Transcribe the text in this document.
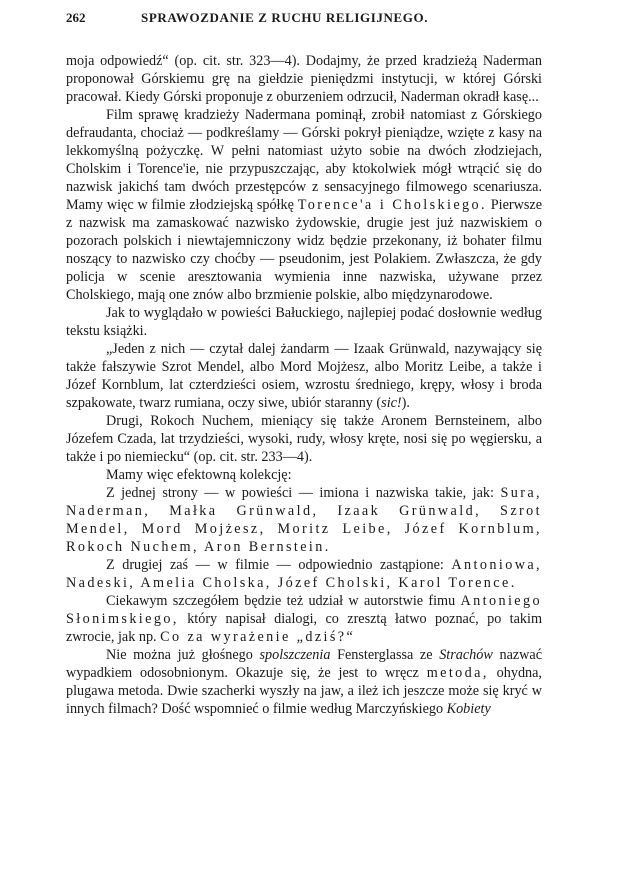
262	SPRAWOZDANIE Z RUCHU RELIGIJNEGO.

moja odpowiedź“ (op. cit. str. 323—4). Dodajmy, że przed kradzieżą Naderman proponował Górskiemu grę na giełdzie pieniędzmi instytucji, w której Górski pracował. Kiedy Górski proponuje z oburzeniem odrzucił, Naderman okradł kasę...

Film sprawę kradzieży Nadermana pominął, zrobił natomiast z Górskiego defraudanta, chociaż — podkreślamy — Górski pokrył pieniądze, wzięte z kasy na lekkomyślną pożyczkę. W pełni natomiast użyto sobie na dwóch złodziejach, Cholskim i Torence'ie, nie przypuszczając, aby ktokolwiek mógł wtrącić się do nazwisk jakichś tam dwóch przestępców z sensacyjnego filmowego scenariusza. Mamy więc w filmie złodziejską spółkę Torence'a i Cholskiego. Pierwsze z nazwisk ma zamaskować nazwisko żydowskie, drugie jest już nazwiskiem o pozorach polskich i niewtajemniczony widz będzie przekonany, iż bohater filmu noszący to nazwisko czy choćby — pseudonim, jest Polakiem. Zwłaszcza, że gdy policja w scenie aresztowania wymienia inne nazwiska, używane przez Cholskiego, mają one znów albo brzmienie polskie, albo międzynarodowe.

Jak to wyglądało w powieści Bałuckiego, najlepiej podać dosłownie według tekstu książki.

„Jeden z nich — czytał dalej żandarm — Izaak Grünwald, nazywający się także fałszywie Szrot Mendel, albo Mord Mojżesz, albo Moritz Leibe, a także i Józef Kornblum, lat czterdzieści osiem, wzrostu średniego, krępy, włosy i broda szpakowate, twarz rumiana, oczy siwe, ubiór staranny (sic!).

Drugi, Rokoch Nuchem, mieniący się także Aronem Bernsteinem, albo Józefem Czada, lat trzydzieści, wysoki, rudy, włosy kręte, nosi się po węgiersku, a także i po niemiecku“ (op. cit. str. 233—4).

Mamy więc efektowną kolekcję:

Z jednej strony — w powieści — imiona i nazwiska takie, jak: Sura, Naderman, Małka Grünwald, Izaak Grünwald, Szrot Mendel, Mord Mojżesz, Moritz Leibe, Józef Kornblum, Rokoch Nuchem, Aron Bernstein.

Z drugiej zaś — w filmie — odpowiednio zastąpione: Antoniowa, Nadeski, Amelia Cholska, Józef Cholski, Karol Torence.

Ciekawym szczegółem będzie też udział w autorstwie fimu Antoniego Słonimskiego, który napisał dialogi, co zresztą łatwo poznać, po takim zwrocie, jak np. Co za wyrażenie „dziś?“

Nie można już głośnego spolszczenia Fensterglassa ze Strachów nazwać wypadkiem odosobnionym. Okazuje się, że jest to wręcz metoda, ohydna, plugawa metoda. Dwie szacherki wyszły na jaw, a ileż ich jeszcze może się kryć w innych filmach? Dość wspomnieć o filmie według Marczyńskiego Kobiety
